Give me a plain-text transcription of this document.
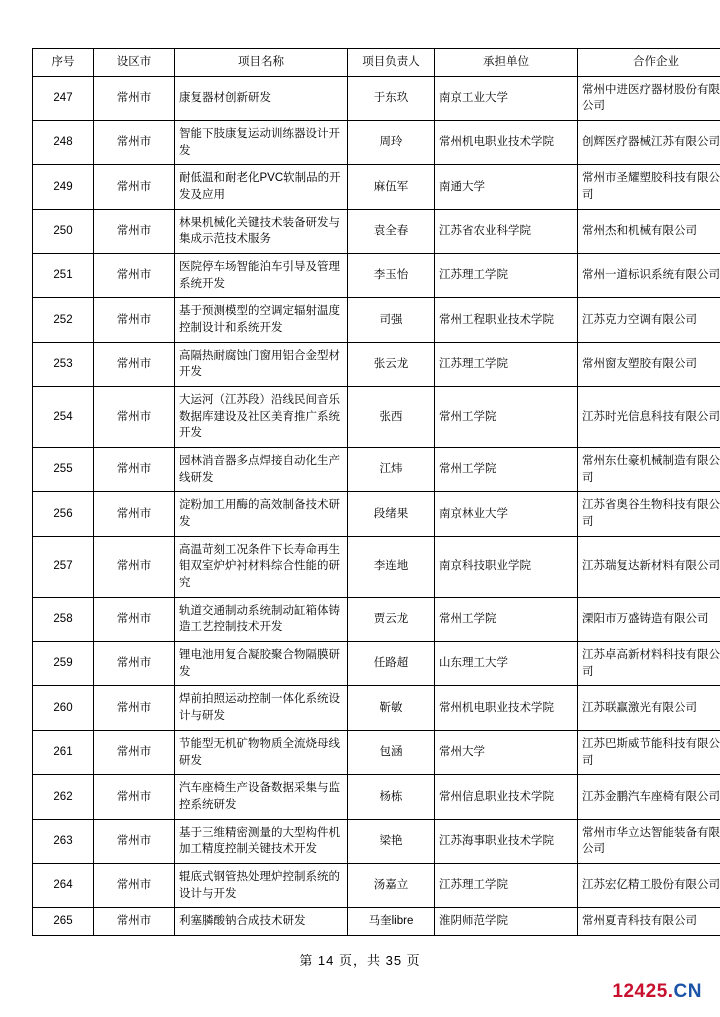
序号	设区市	项目名称	项目负责人	承担单位	合作企业
247	常州市	康复器材创新研发	于东玖	南京工业大学	常州中进医疗器材股份有限公司
248	常州市	智能下肢康复运动训练器设计开发	周玲	常州机电职业技术学院	创辉医疗器械江苏有限公司
249	常州市	耐低温和耐老化PVC软制品的开发及应用	麻伍军	南通大学	常州市圣耀塑胶科技有限公司
250	常州市	林果机械化关键技术装备研发与集成示范技术服务	袁全春	江苏省农业科学院	常州杰和机械有限公司
251	常州市	医院停车场智能泊车引导及管理系统开发	李玉怡	江苏理工学院	常州一道标识系统有限公司
252	常州市	基于预测模型的空调定辐射温度控制设计和系统开发	司强	常州工程职业技术学院	江苏克力空调有限公司
253	常州市	高隔热耐腐蚀门窗用铝合金型材开发	张云龙	江苏理工学院	常州窗友塑胶有限公司
254	常州市	大运河（江苏段）沿线民间音乐数据库建设及社区美育推广系统开发	张西	常州工学院	江苏时光信息科技有限公司
255	常州市	园林消音器多点焊接自动化生产线研发	江炜	常州工学院	常州东仕豪机械制造有限公司
256	常州市	淀粉加工用酶的高效制备技术研发	段绪果	南京林业大学	江苏省奥谷生物科技有限公司
257	常州市	高温苛刻工况条件下长寿命再生钼双室炉炉衬材料综合性能的研究	李连地	南京科技职业学院	江苏瑞复达新材料有限公司
258	常州市	轨道交通制动系统制动缸箱体铸造工艺控制技术开发	贾云龙	常州工学院	溧阳市万盛铸造有限公司
259	常州市	锂电池用复合凝胶聚合物隔膜研发	任路超	山东理工大学	江苏卓高新材料科技有限公司
260	常州市	焊前拍照运动控制一体化系统设计与研发	靳敏	常州机电职业技术学院	江苏联赢激光有限公司
261	常州市	节能型无机矿物物质全流烧母线研发	包涵	常州大学	江苏巴斯威节能科技有限公司
262	常州市	汽车座椅生产设备数据采集与监控系统研发	杨栋	常州信息职业技术学院	江苏金鹏汽车座椅有限公司
263	常州市	基于三维精密测量的大型构件机加工精度控制关键技术开发	梁艳	江苏海事职业技术学院	常州市华立达智能装备有限公司
264	常州市	辊底式钢管热处理炉控制系统的设计与开发	汤嘉立	江苏理工学院	江苏宏亿精工股份有限公司
265	常州市	利塞膦酸钠合成技术研发	马奎libre	淮阴师范学院	常州夏青科技有限公司
第 14 页，共 35 页
12425.CN
